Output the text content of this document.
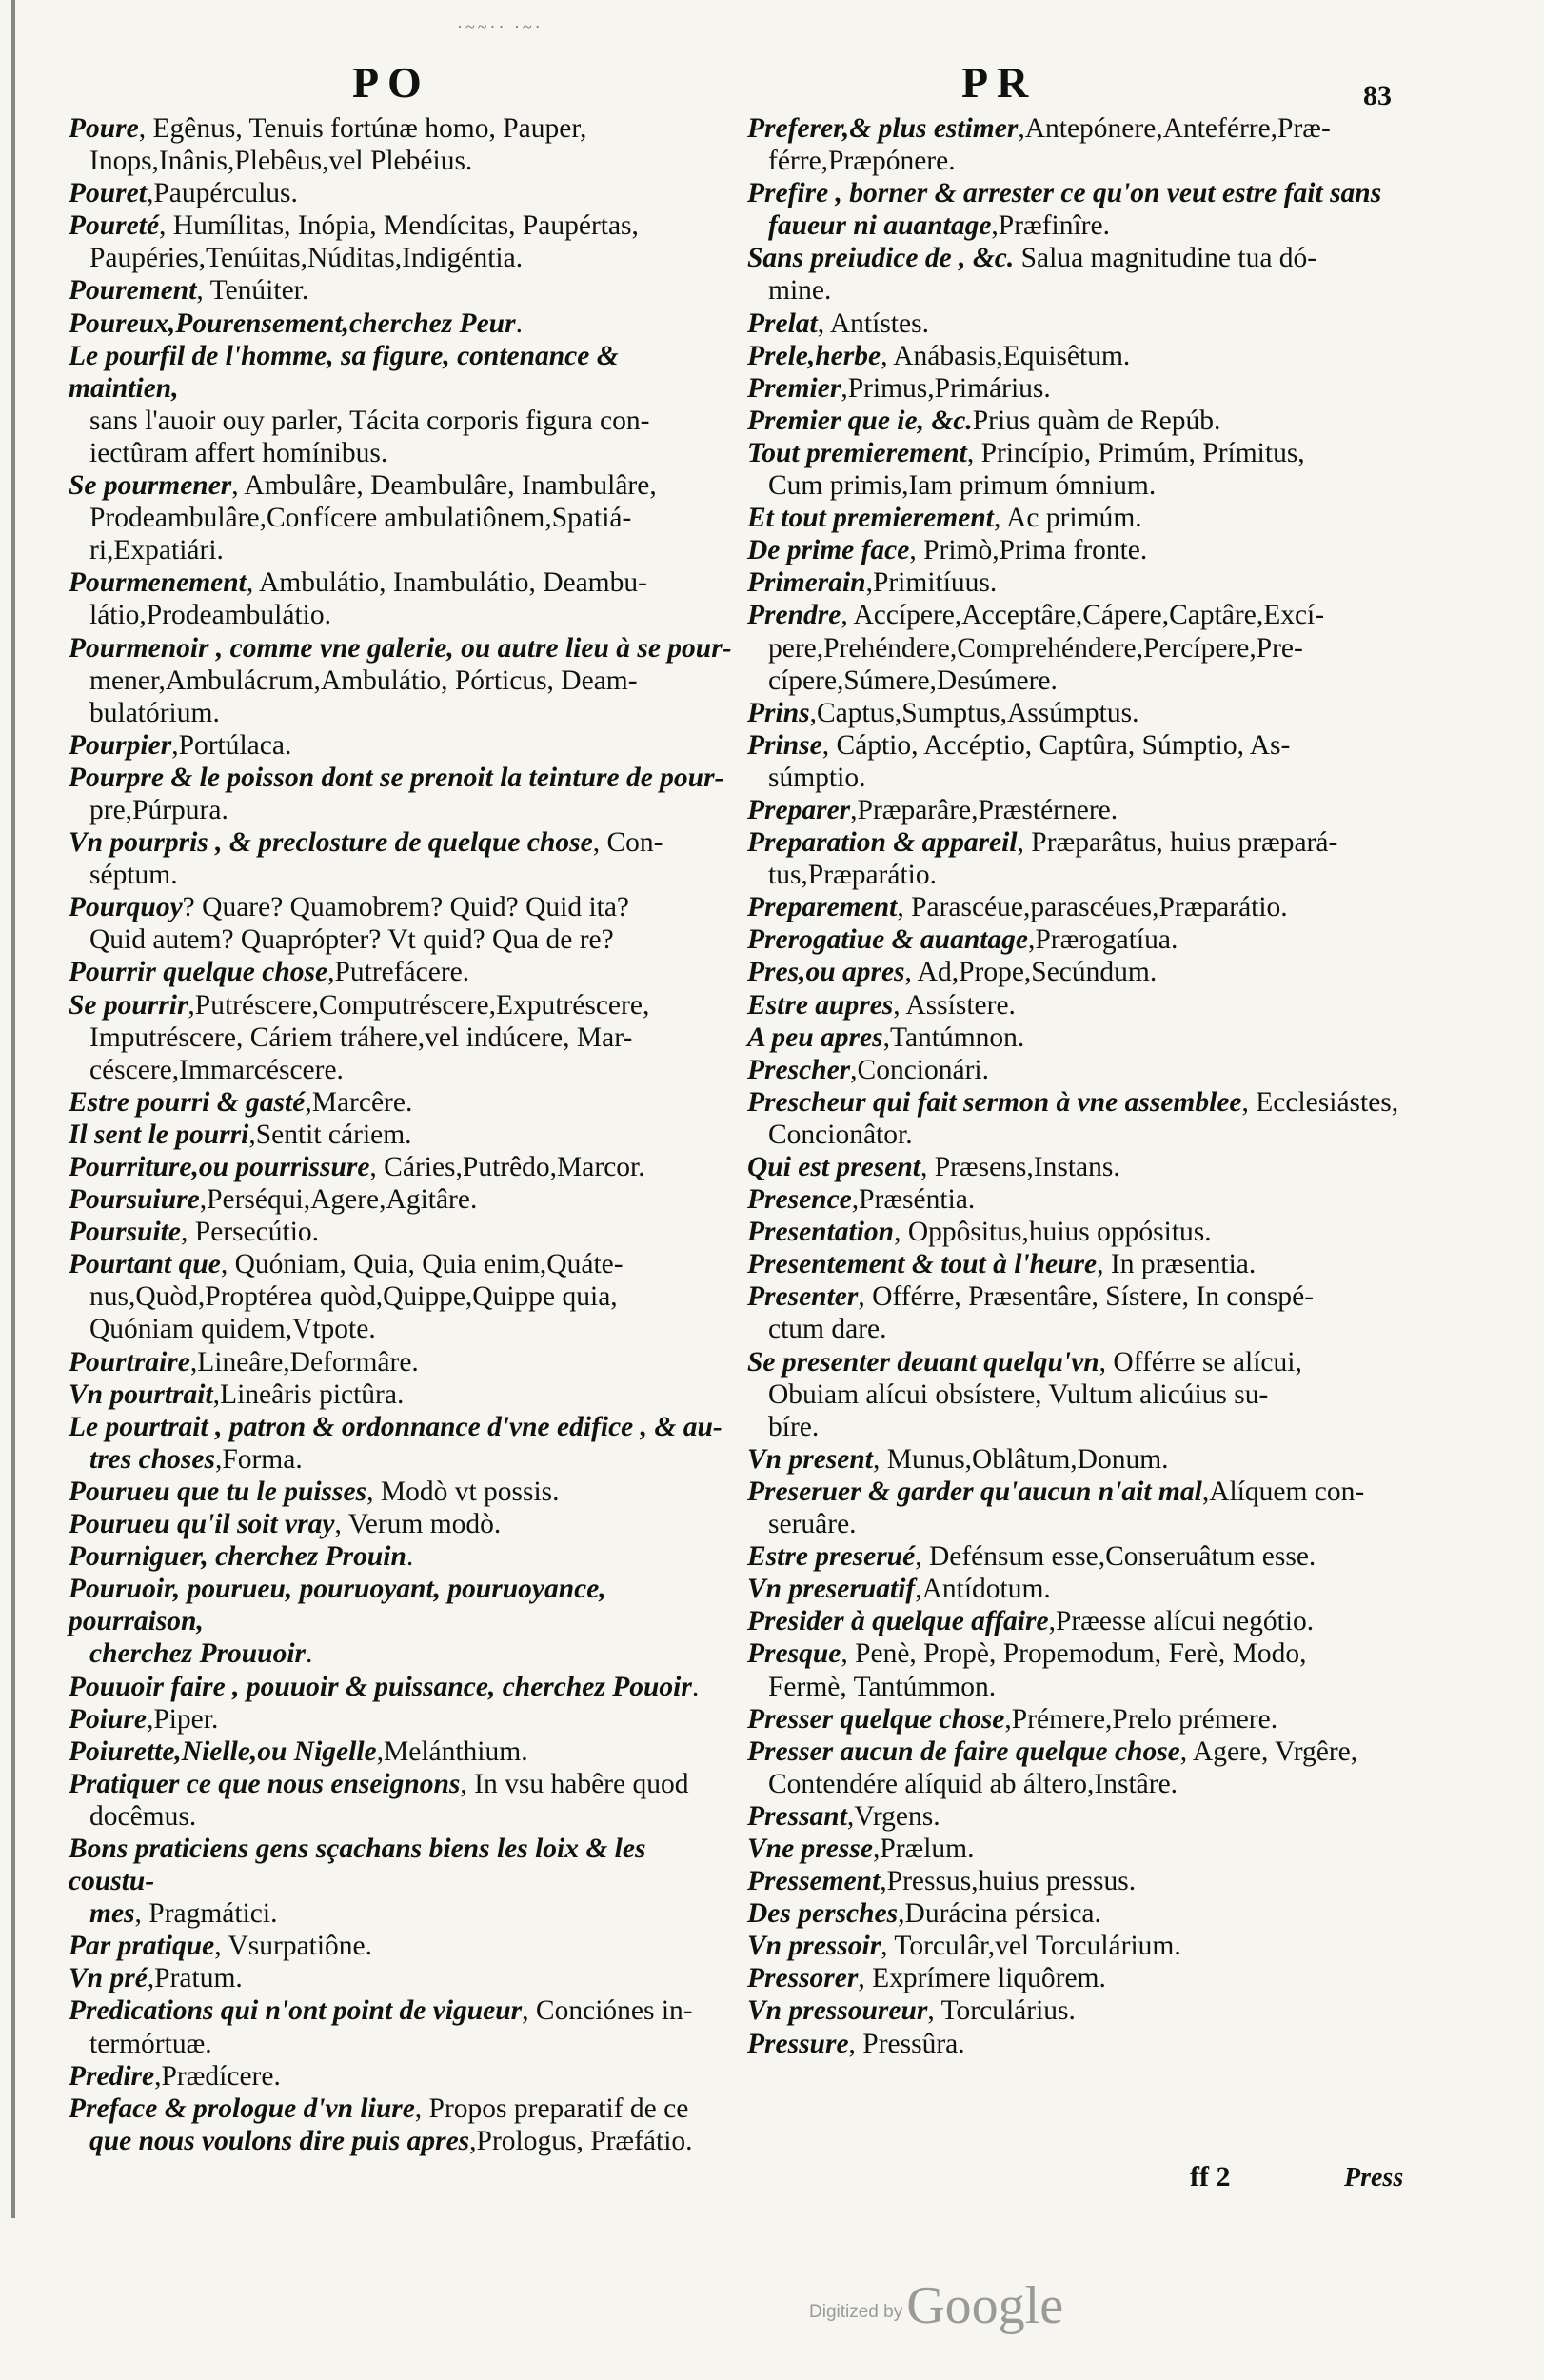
·~~·· ·~·
P O	P R	83
Poure, Egênus, Tenuis fortúnæ homo, Pauper,
Inops,Inânis,Plebêus,vel Plebéius.
Pouret,Paupérculus.
Poureté, Humílitas, Inópia, Mendícitas, Paupértas,
Paupéries,Tenúitas,Núditas,Indigéntia.
Pourement, Tenúiter.
Poureux,Pourensement,cherchez Peur.
Le pourfil de l'homme, sa figure, contenance & maintien,
sans l'auoir ouy parler, Tácita corporis figura con-
iectûram affert homínibus.
Se pourmener, Ambulâre, Deambulâre, Inambulâre,
Prodeambulâre,Confícere ambulatiônem,Spatiá-
ri,Expatiári.
Pourmenement, Ambulátio, Inambulátio, Deambu-
látio,Prodeambulátio.
Pourmenoir , comme vne galerie, ou autre lieu à se pour-
mener,Ambulácrum,Ambulátio, Pórticus, Deam-
bulatórium.
Pourpier,Portúlaca.
Pourpre & le poisson dont se prenoit la teinture de pour-
pre,Púrpura.
Vn pourpris , & preclosture de quelque chose, Con-
séptum.
Pourquoy? Quare? Quamobrem? Quid? Quid ita?
Quid autem? Quaprópter? Vt quid? Qua de re?
Pourrir quelque chose,Putrefácere.
Se pourrir,Putréscere,Computréscere,Exputréscere,
Imputréscere, Cáriem tráhere,vel indúcere, Mar-
céscere,Immarcéscere.
Estre pourri & gasté,Marcêre.
Il sent le pourri,Sentit cáriem.
Pourriture,ou pourrissure, Cáries,Putrêdo,Marcor.
Poursuiure,Perséqui,Agere,Agitâre.
Poursuite, Persecútio.
Pourtant que, Quóniam, Quia, Quia enim,Quáte-
nus,Quòd,Proptérea quòd,Quippe,Quippe quia,
Quóniam quidem,Vtpote.
Pourtraire,Lineâre,Deformâre.
Vn pourtrait,Lineâris pictûra.
Le pourtrait , patron & ordonnance d'vne edifice , & au-
tres choses,Forma.
Pourueu que tu le puisses, Modò vt possis.
Pourueu qu'il soit vray, Verum modò.
Pourniguer, cherchez Prouin.
Pouruoir, pourueu, pouruoyant, pouruoyance, pourraison,
cherchez Prouuoir.
Pouuoir faire , pouuoir & puissance, cherchez Pouoir.
Poiure,Piper.
Poiurette,Nielle,ou Nigelle,Melánthium.
Pratiquer ce que nous enseignons, In vsu habêre quod
docêmus.
Bons praticiens gens sçachans biens les loix & les coustu-
mes, Pragmátici.
Par pratique, Vsurpatiône.
Vn pré,Pratum.
Predications qui n'ont point de vigueur, Conciónes in-
termórtuæ.
Predire,Prædícere.
Preface & prologue d'vn liure, Propos preparatif de ce
que nous voulons dire puis apres,Prologus, Præfátio.
Preferer,& plus estimer,Antepónere,Anteférre,Præ-
férre,Præpónere.
Prefire , borner & arrester ce qu'on veut estre fait sans
faueur ni auantage,Præfinîre.
Sans preiudice de , &c. Salua magnitudine tua dó-
mine.
Prelat, Antístes.
Prele,herbe, Anábasis,Equisêtum.
Premier,Primus,Primárius.
Premier que ie, &c.Prius quàm de Repúb.
Tout premierement, Princípio, Primúm, Prímitus,
Cum primis,Iam primum ómnium.
Et tout premierement, Ac primúm.
De prime face, Primò,Prima fronte.
Primerain,Primitíuus.
Prendre, Accípere,Acceptâre,Cápere,Captâre,Excí-
pere,Prehéndere,Comprehéndere,Percípere,Pre-
cípere,Súmere,Desúmere.
Prins,Captus,Sumptus,Assúmptus.
Prinse, Cáptio, Accéptio, Captûra, Súmptio, As-
súmptio.
Preparer,Præparâre,Præstérnere.
Preparation & appareil, Præparâtus, huius præpará-
tus,Præparátio.
Preparement, Parascéue,parascéues,Præparátio.
Prerogatiue & auantage,Prærogatíua.
Pres,ou apres, Ad,Prope,Secúndum.
Estre aupres, Assístere.
A peu apres,Tantúmnon.
Prescher,Concionári.
Prescheur qui fait sermon à vne assemblee, Ecclesiástes,
Concionâtor.
Qui est present, Præsens,Instans.
Presence,Præséntia.
Presentation, Oppôsitus,huius oppósitus.
Presentement & tout à l'heure, In præsentia.
Presenter, Offérre, Præsentâre, Sístere, In conspé-
ctum dare.
Se presenter deuant quelqu'vn, Offérre se alícui,
Obuiam alícui obsístere, Vultum alicúius su-
bíre.
Vn present, Munus,Oblâtum,Donum.
Preseruer & garder qu'aucun n'ait mal,Alíquem con-
seruâre.
Estre preserué, Defénsum esse,Conseruâtum esse.
Vn preseruatif,Antídotum.
Presider à quelque affaire,Præesse alícui negótio.
Presque, Penè, Propè, Propemodum, Ferè, Modo,
Fermè, Tantúmmon.
Presser quelque chose,Prémere,Prelo prémere.
Presser aucun de faire quelque chose, Agere, Vrgêre,
Contendére alíquid ab áltero,Instâre.
Pressant,Vrgens.
Vne presse,Prælum.
Pressement,Pressus,huius pressus.
Des persches,Durácina pérsica.
Vn pressoir, Torculâr,vel Torculárium.
Pressorer, Exprímere liquôrem.
Vn pressoureur, Torculárius.
Pressure, Pressûra.
ff 2	Press
Digitized by Google
